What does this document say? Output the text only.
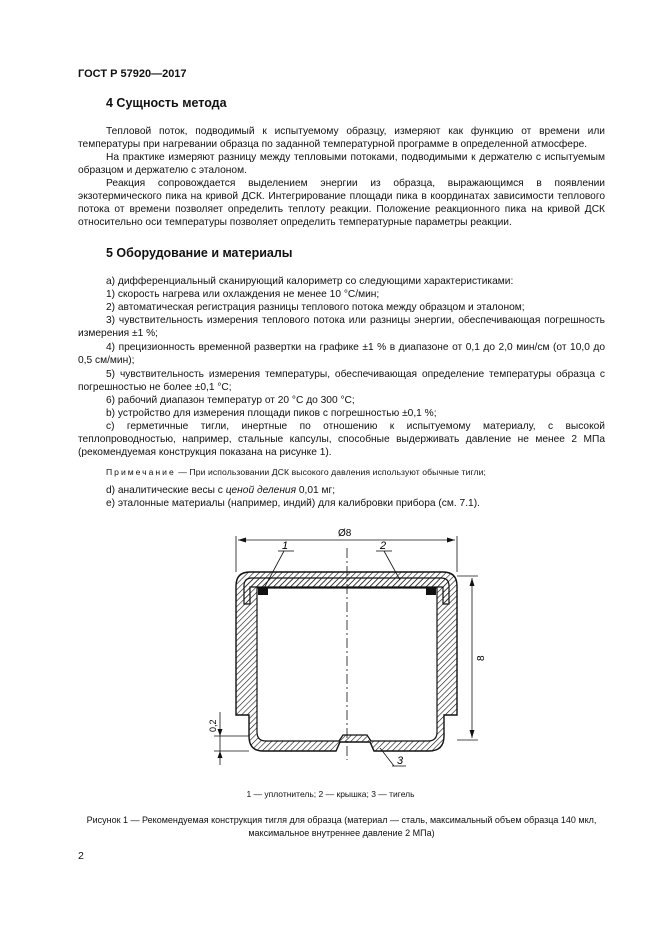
ГОСТ Р 57920—2017
4 Сущность метода
Тепловой поток, подводимый к испытуемому образцу, измеряют как функцию от времени или температуры при нагревании образца по заданной температурной программе в определенной атмосфере.
На практике измеряют разницу между тепловыми потоками, подводимыми к держателю с испытуемым образцом и держателю с эталоном.
Реакция сопровождается выделением энергии из образца, выражающимся в появлении экзотермического пика на кривой ДСК. Интегрирование площади пика в координатах зависимости теплового потока от времени позволяет определить теплоту реакции. Положение реакционного пика на кривой ДСК относительно оси температуры позволяет определить температурные параметры реакции.
5 Оборудование и материалы
а) дифференциальный сканирующий калориметр со следующими характеристиками:
1) скорость нагрева или охлаждения не менее 10 °С/мин;
2) автоматическая регистрация разницы теплового потока между образцом и эталоном;
3) чувствительность измерения теплового потока или разницы энергии, обеспечивающая погрешность измерения ±1 %;
4) прецизионность временной развертки на графике ±1 % в диапазоне от 0,1 до 2,0 мин/см (от 10,0 до 0,5 см/мин);
5) чувствительность измерения температуры, обеспечивающая определение температуры образца с погрешностью не более ±0,1 °С;
6) рабочий диапазон температур от 20 °С до 300 °С;
b) устройство для измерения площади пиков с погрешностью ±0,1 %;
c) герметичные тигли, инертные по отношению к испытуемому материалу, с высокой теплопроводностью, например, стальные капсулы, способные выдерживать давление не менее 2 МПа (рекомендуемая конструкция показана на рисунке 1).
Примечание — При использовании ДСК высокого давления используют обычные тигли;
d) аналитические весы с ценой деления 0,01 мг;
e) эталонные материалы (например, индий) для калибровки прибора (см. 7.1).
Ø8
8
0,2
1	2
3
1 — уплотнитель; 2 — крышка; 3 — тигель
Рисунок 1 — Рекомендуемая конструкция тигля для образца (материал — сталь, максимальный объем образца 140 мкл, максимальное внутреннее давление 2 МПа)
2
